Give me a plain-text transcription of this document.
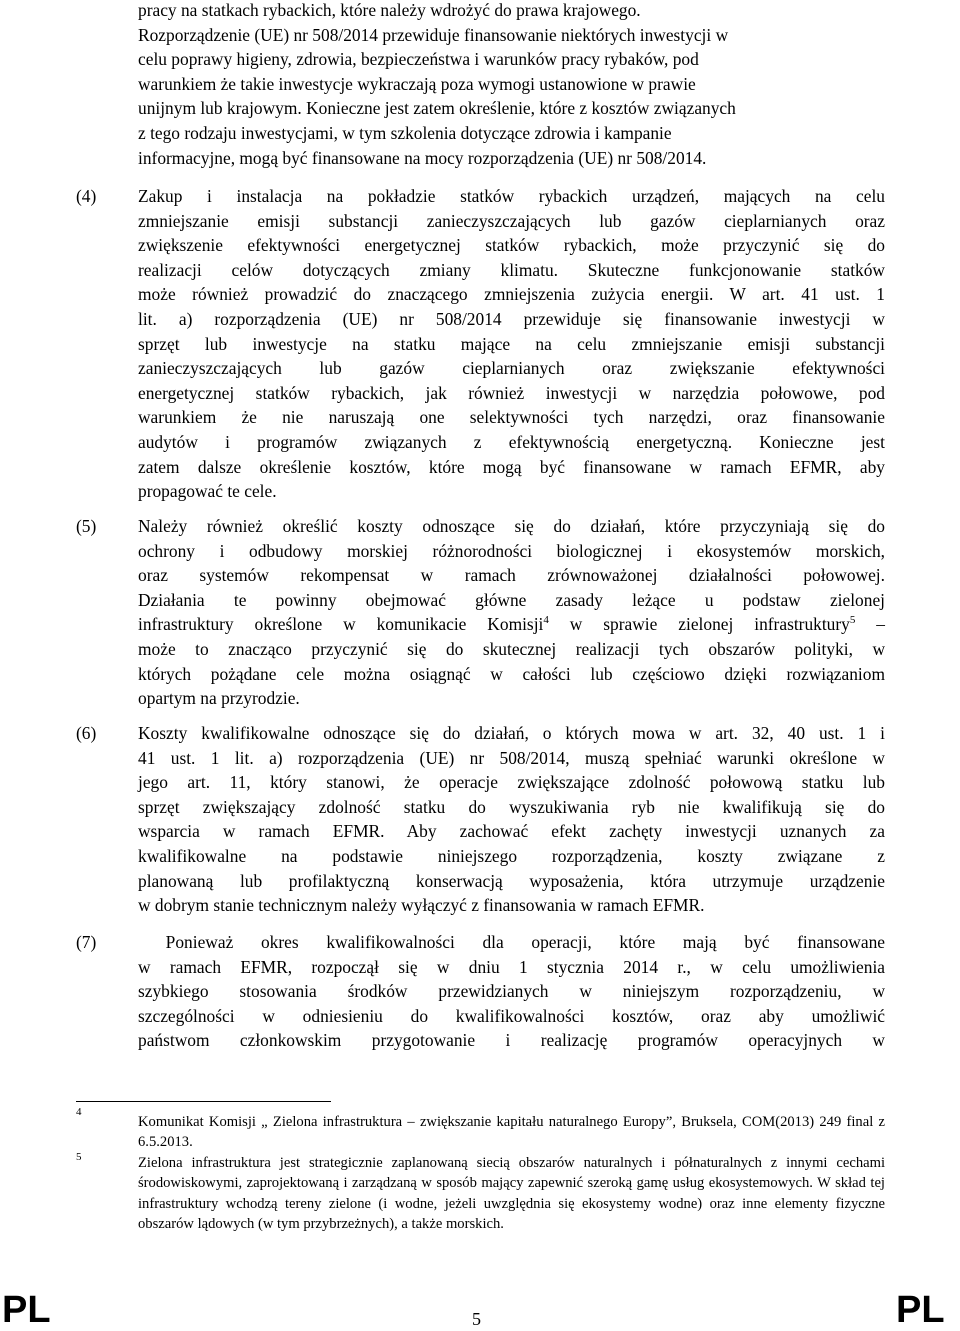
pracy na statkach rybackich, które należy wdrożyć do prawa krajowego.
Rozporządzenie (UE) nr 508/2014 przewiduje finansowanie niektórych inwestycji w
celu poprawy higieny, zdrowia, bezpieczeństwa i warunków pracy rybaków, pod
warunkiem że takie inwestycje wykraczają poza wymogi ustanowione w prawie
unijnym lub krajowym. Konieczne jest zatem określenie, które z kosztów związanych
z tego rodzaju inwestycjami, w tym szkolenia dotyczące zdrowia i kampanie
informacyjne, mogą być finansowane na mocy rozporządzenia (UE) nr 508/2014.
(4) Zakup i instalacja na pokładzie statków rybackich urządzeń, mających na celu
zmniejszanie emisji substancji zanieczyszczających lub gazów cieplarnianych oraz
zwiększenie efektywności energetycznej statków rybackich, może przyczynić się do
realizacji celów dotyczących zmiany klimatu. Skuteczne funkcjonowanie statków
może również prowadzić do znaczącego zmniejszenia zużycia energii. W art. 41 ust. 1
lit. a) rozporządzenia (UE) nr 508/2014 przewiduje się finansowanie inwestycji w
sprzęt lub inwestycje na statku mające na celu zmniejszanie emisji substancji
zanieczyszczających lub gazów cieplarnianych oraz zwiększanie efektywności
energetycznej statków rybackich, jak również inwestycji w narzędzia połowowe, pod
warunkiem że nie naruszają one selektywności tych narzędzi, oraz finansowanie
audytów i programów związanych z efektywnością energetyczną. Konieczne jest
zatem dalsze określenie kosztów, które mogą być finansowane w ramach EFMR, aby
propagować te cele.
(5) Należy również określić koszty odnoszące się do działań, które przyczyniają się do
ochrony i odbudowy morskiej różnorodności biologicznej i ekosystemów morskich,
oraz systemów rekompensat w ramach zrównoważonej działalności połowowej.
Działania te powinny obejmować główne zasady leżące u podstaw zielonej
infrastruktury określone w komunikacie Komisji$^4$ w sprawie zielonej infrastruktury$^5$ –
może to znacząco przyczynić się do skutecznej realizacji tych obszarów polityki, w
których pożądane cele można osiągnąć w całości lub częściowo dzięki rozwiązaniom
opartym na przyrodzie.
(6) Koszty kwalifikowalne odnoszące się do działań, o których mowa w art. 32, 40 ust. 1 i
41 ust. 1 lit. a) rozporządzenia (UE) nr 508/2014, muszą spełniać warunki określone w
jego art. 11, który stanowi, że operacje zwiększające zdolność połowową statku lub
sprzęt zwiększający zdolność statku do wyszukiwania ryb nie kwalifikują się do
wsparcia w ramach EFMR. Aby zachować efekt zachęty inwestycji uznanych za
kwalifikowalne na podstawie niniejszego rozporządzenia, koszty związane z
planowaną lub profilaktyczną konserwacją wyposażenia, która utrzymuje urządzenie
w dobrym stanie technicznym należy wyłączyć z finansowania w ramach EFMR.
(7) Ponieważ okres kwalifikowalności dla operacji, które mają być finansowane
w ramach EFMR, rozpoczął się w dniu 1 stycznia 2014 r., w celu umożliwienia
szybkiego stosowania środków przewidzianych w niniejszym rozporządzeniu, w
szczególności w odniesieniu do kwalifikowalności kosztów, oraz aby umożliwić
państwom członkowskim przygotowanie i realizację programów operacyjnych w
4

Komunikat Komisji „ Zielona infrastruktura – zwiększanie kapitału naturalnego Europy”, Bruksela, COM(2013) 249 final z 6.5.2013.

5	Zielona infrastruktura jest strategicznie zaplanowaną siecią obszarów naturalnych i półnaturalnych z innymi cechami środowiskowymi, zaprojektowaną i zarządzaną w sposób mający zapewnić szeroką gamę usług ekosystemowych. W skład tej infrastruktury wchodzą tereny zielone (i wodne, jeżeli uwzględnia się ekosystemy wodne) oraz inne elementy fizyczne obszarów lądowych (w tym przybrzeżnych), a także morskich.

PL	5	PL
